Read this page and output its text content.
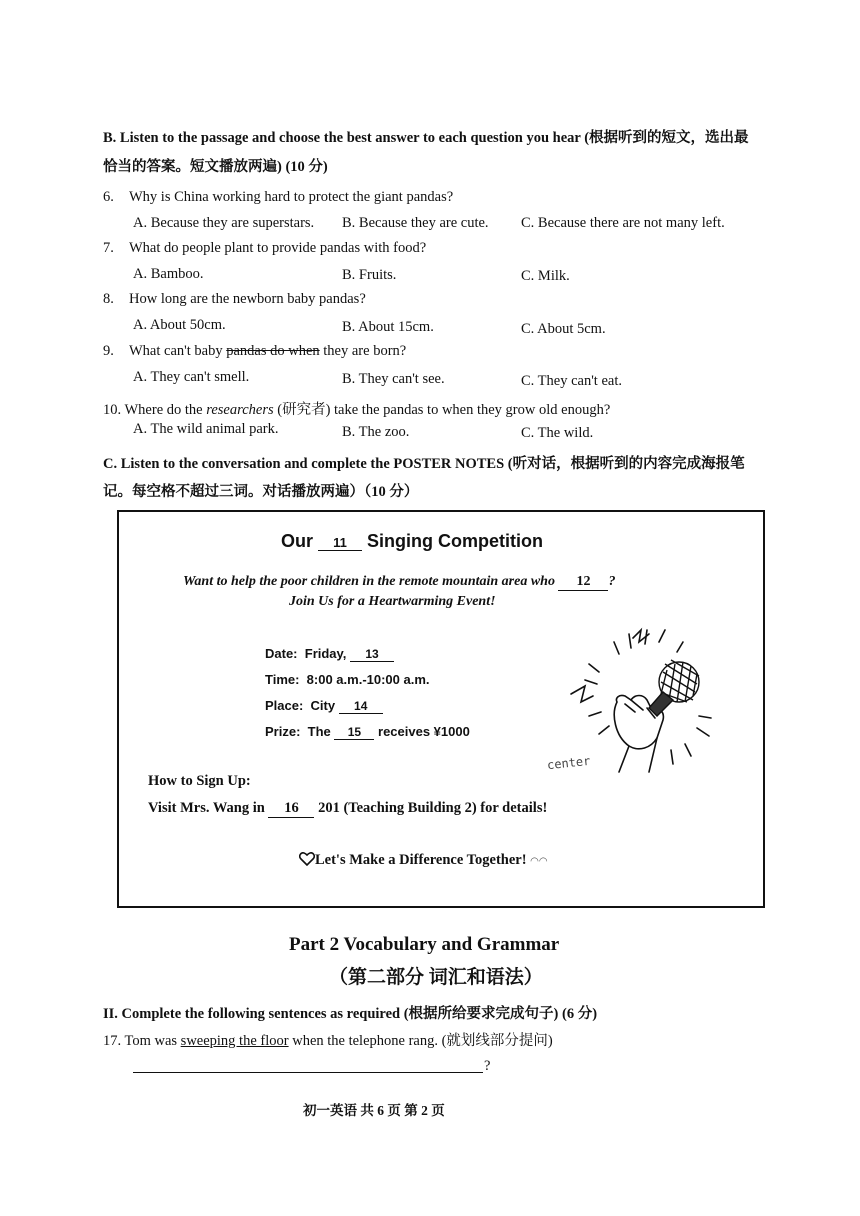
B. Listen to the passage and choose the best answer to each question you hear (根据听到的短文，选出最
恰当的答案。短文播放两遍) (10 分)
6. Why is China working hard to protect the giant pandas?
A. Because they are superstars. B. Because they are cute. C. Because there are not many left.
7. What do people plant to provide pandas with food?
A. Bamboo.	B. Fruits.	C. Milk.
8. How long are the newborn baby pandas?
A. About 50cm.	B. About 15cm.	C. About 5cm.
9. What can't baby pandas do when they are born?
A. They can't smell.	B. They can't see.	C. They can't eat.
10. Where do the researchers (研究者) take the pandas to when they grow old enough?
A. The wild animal park.	B. The zoo.	C. The wild.
C. Listen to the conversation and complete the POSTER NOTES (听对话，根据听到的内容完成海报笔
记。每空格不超过三词。对话播放两遍）（10 分）
Our 11 Singing Competition
Want to help the poor children in the remote mountain area who 12 ?
Join Us for a Heartwarming Event!
Date: Friday, 13
Time: 8:00 a.m.-10:00 a.m.
Place: City 14
Prize: The 15 receives ¥1000
center
How to Sign Up:
Visit Mrs. Wang in 16 201 (Teaching Building 2) for details!
Let's Make a Difference Together! ◠◠
Part 2 Vocabulary and Grammar
（第二部分 词汇和语法）
II. Complete the following sentences as required (根据所给要求完成句子) (6 分)
17. Tom was sweeping the floor when the telephone rang. (就划线部分提问)
?
初一英语 共 6 页 第 2 页
